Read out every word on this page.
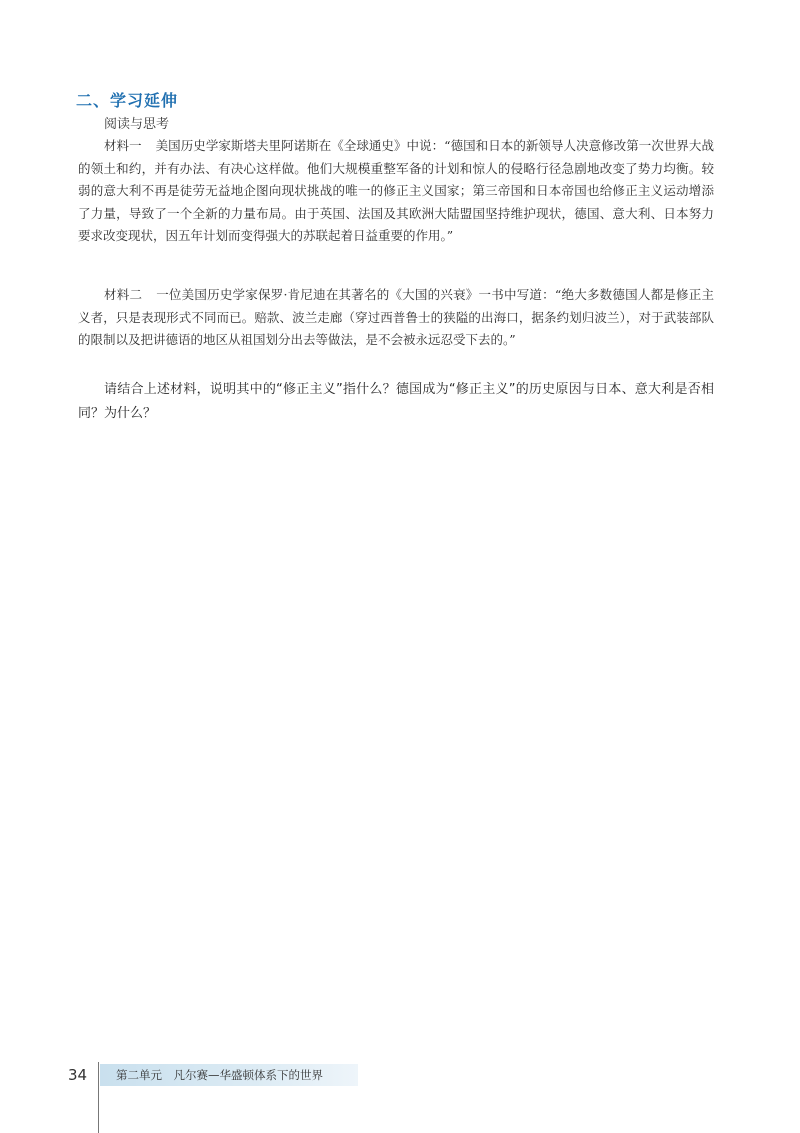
二、学习延伸
阅读与思考

材料一 美国历史学家斯塔夫里阿诺斯在《全球通史》中说：“德国和日本的新领导人决意修改第一次世界大战的领土和约，并有办法、有决心这样做。他们大规模重整军备的计划和惊人的侵略行径急剧地改变了势力均衡。较弱的意大利不再是徒劳无益地企图向现状挑战的唯一的修正主义国家；第三帝国和日本帝国也给修正主义运动增添了力量，导致了一个全新的力量布局。由于英国、法国及其欧洲大陆盟国坚持维护现状，德国、意大利、日本努力要求改变现状，因五年计划而变得强大的苏联起着日益重要的作用。”

材料二 一位美国历史学家保罗·肯尼迪在其著名的《大国的兴衰》一书中写道：“绝大多数德国人都是修正主义者，只是表现形式不同而已。赔款、波兰走廊（穿过西普鲁士的狭隘的出海口，据条约划归波兰），对于武装部队的限制以及把讲德语的地区从祖国划分出去等做法，是不会被永远忍受下去的。”

请结合上述材料，说明其中的“修正主义”指什么？德国成为“修正主义”的历史原因与日本、意大利是否相同？为什么？

34	第二单元　凡尔赛—华盛顿体系下的世界
